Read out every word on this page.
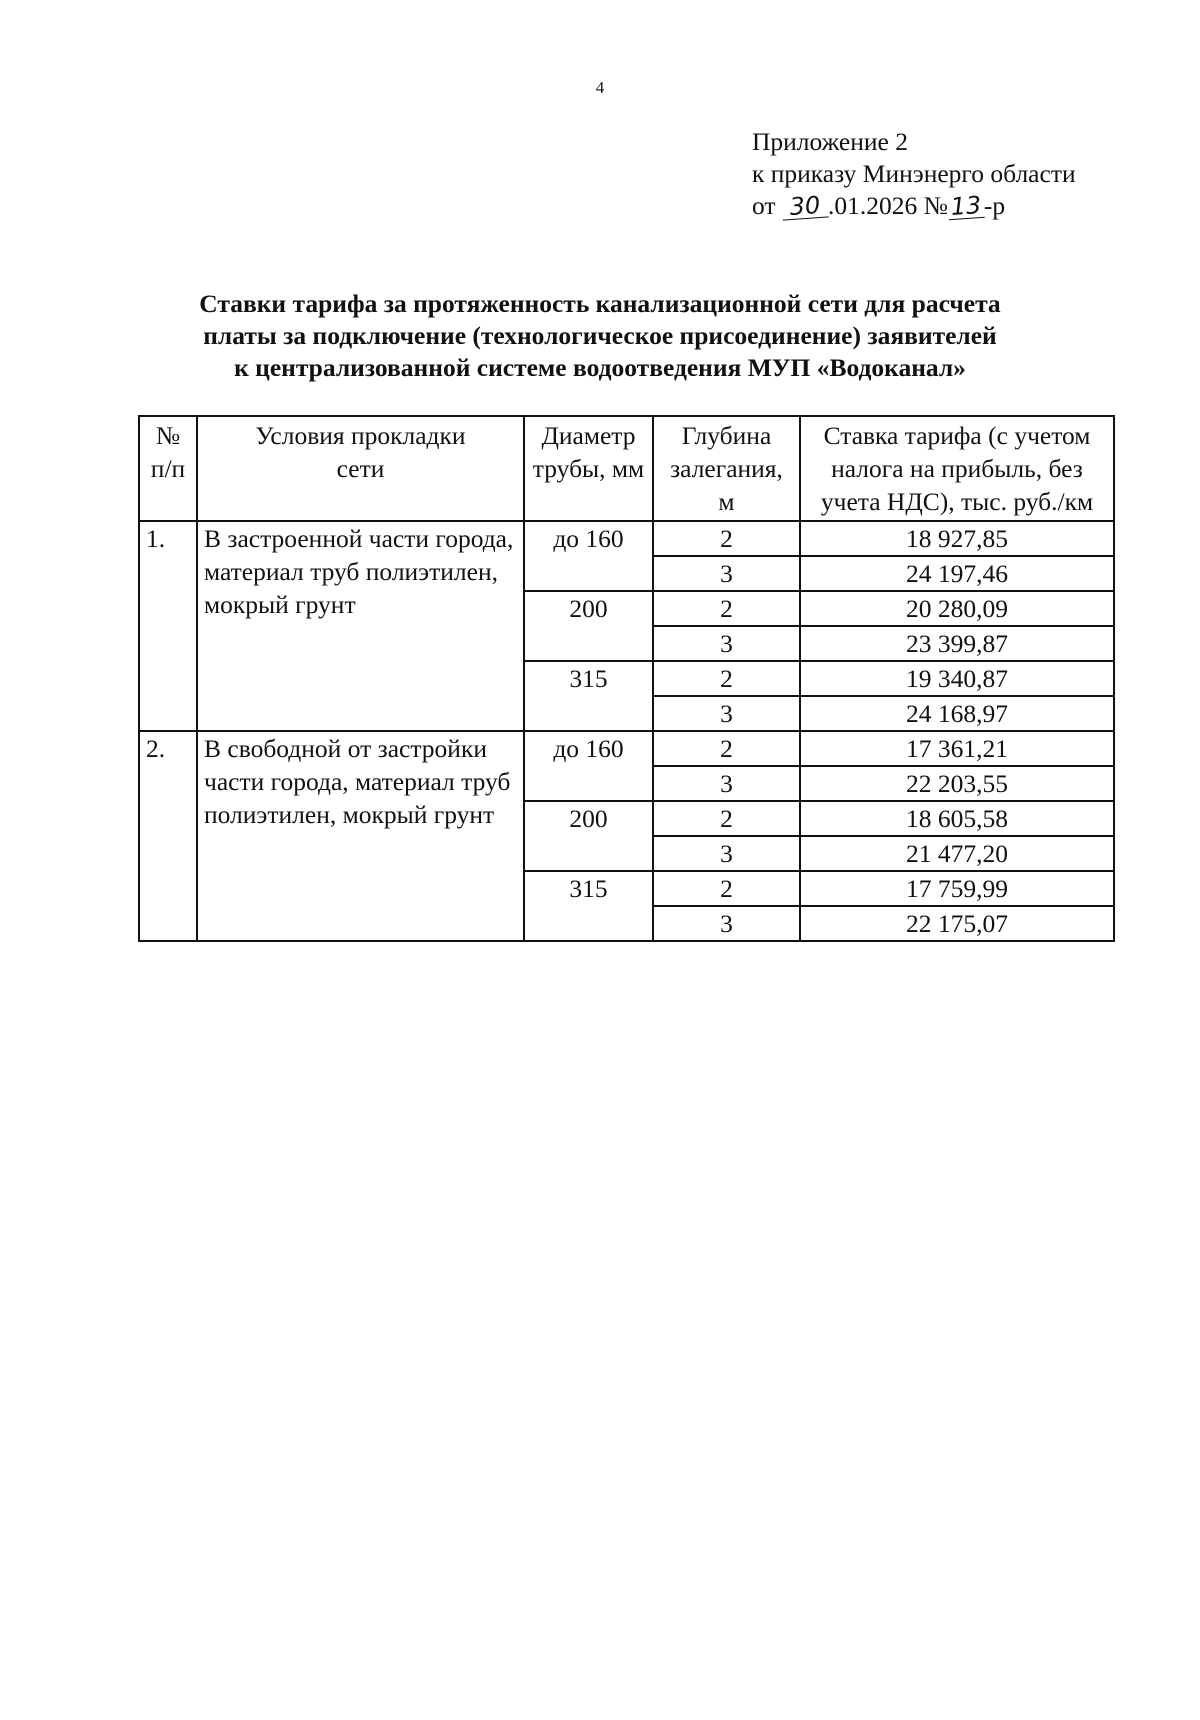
4
Приложение 2
к приказу Минэнерго области
от 30 .01.2026 №13-р
Ставки тарифа за протяженность канализационной сети для расчета
платы за подключение (технологическое присоединение) заявителей
к централизованной системе водоотведения МУП «Водоканал»
№ п/п	Условия прокладки сети	Диаметр трубы, мм	Глубина залегания, м	Ставка тарифа (с учетом налога на прибыль, без учета НДС), тыс. руб./км
1.	В застроенной части города, материал труб полиэтилен, мокрый грунт	до 160	2	18 927,85
			3	24 197,46
		200	2	20 280,09
			3	23 399,87
		315	2	19 340,87
			3	24 168,97
2.	В свободной от застройки части города, материал труб полиэтилен, мокрый грунт	до 160	2	17 361,21
			3	22 203,55
		200	2	18 605,58
			3	21 477,20
		315	2	17 759,99
			3	22 175,07
